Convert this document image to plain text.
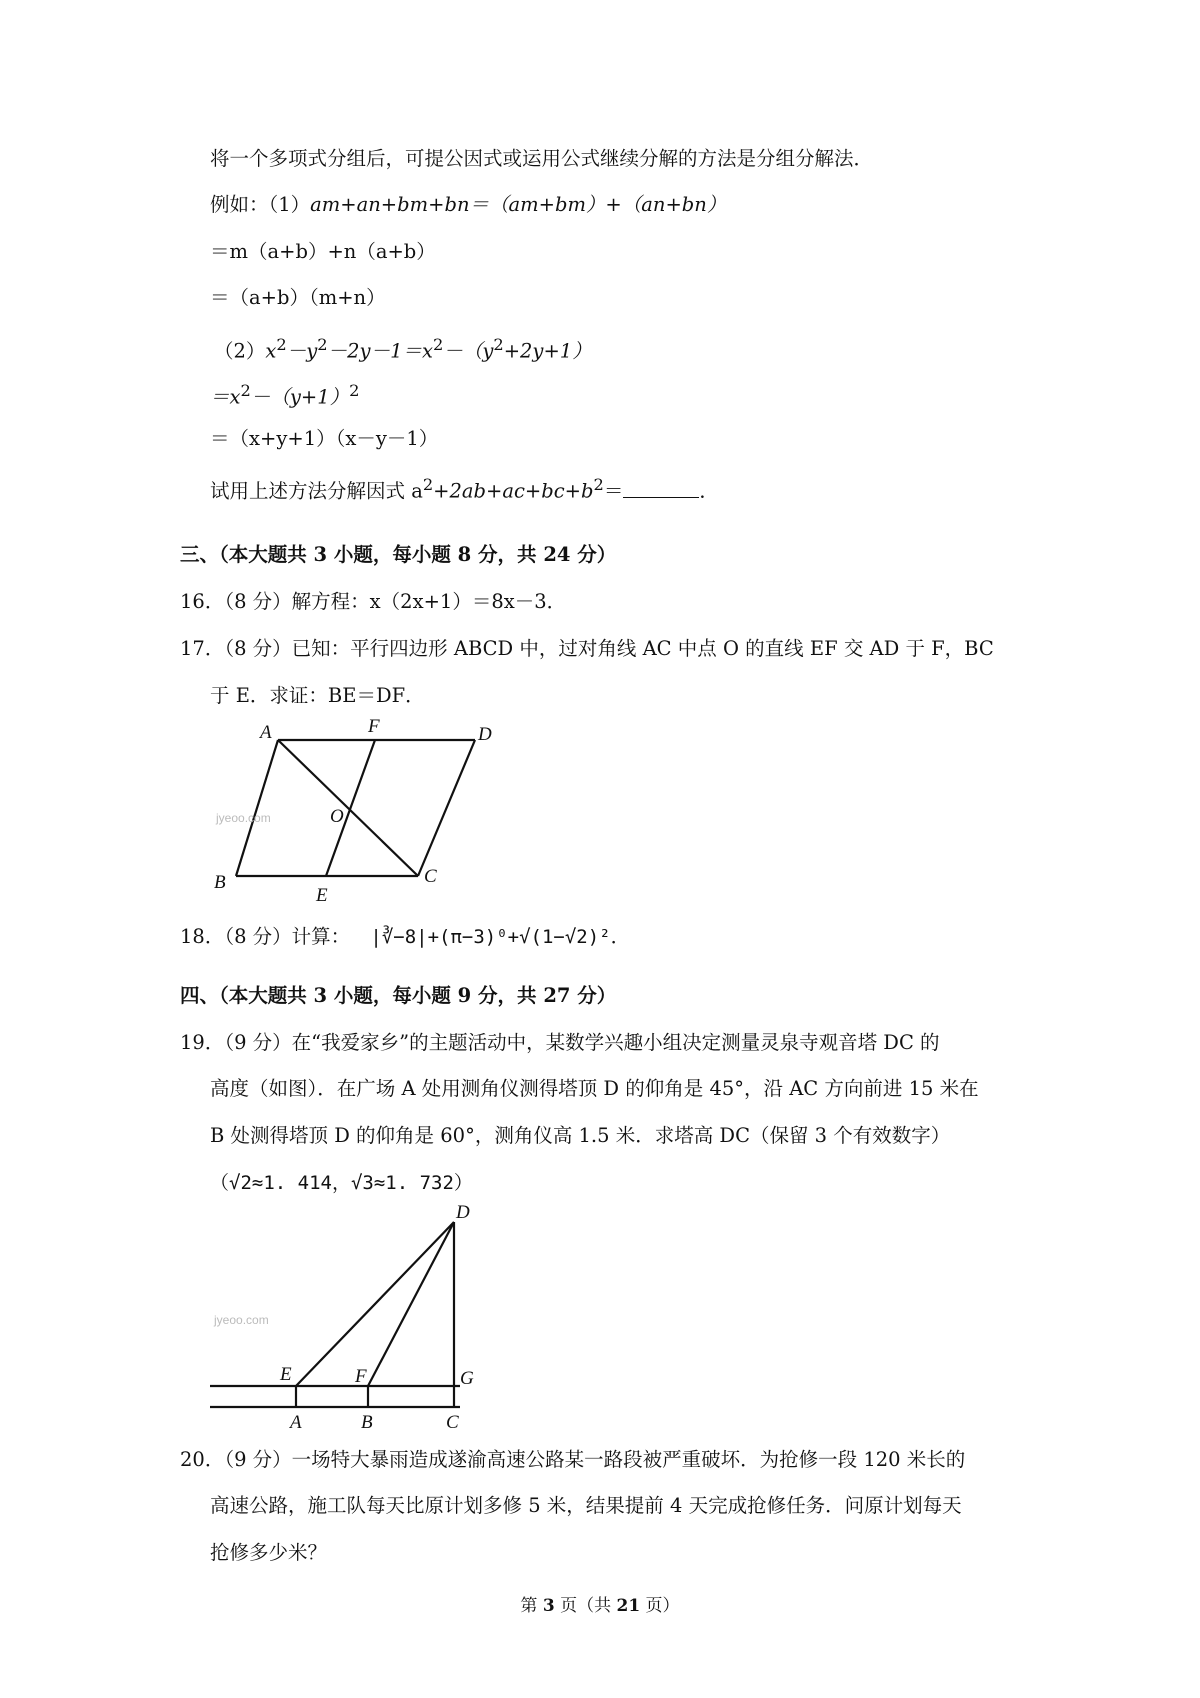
将一个多项式分组后，可提公因式或运用公式继续分解的方法是分组分解法．
例如：（1）am+an+bm+bn＝（am+bm）+（an+bn）
＝m（a+b）+n（a+b）
＝（a+b）（m+n）
$(2)x^2-y^2-2y-1=x^2-(y^2+2y+1)$
$=x^2-(y+1)^2$
＝（x+y+1）（x－y－1）
试用上述方法分解因式 $a^2+2ab+ac+bc+b^2=$	．
三、（本大题共 3 小题，每小题 8 分，共 24 分）
16．（8 分）解方程：x（2x+1）＝8x－3．
17．（8 分）已知：平行四边形 ABCD 中，过对角线 AC 中点 O 的直线 EF 交 AD 于 F，BC
于 E．求证：BE＝DF．
jyeoo.com
A	F	D
O
B
E
C
18．（8 分）计算： |∛−8|+(π−3)⁰+√(1−√2)²．
四、（本大题共 3 小题，每小题 9 分，共 27 分）
19．（9 分）在“我爱家乡”的主题活动中，某数学兴趣小组决定测量灵泉寺观音塔 DC 的
高度（如图）．在广场 A 处用测角仪测得塔顶 D 的仰角是 45°，沿 AC 方向前进 15 米在
B 处测得塔顶 D 的仰角是 60°，测角仪高 1.5 米．求塔高 DC（保留 3 个有效数字）
（√2≈1. 414，√3≈1. 732）
jyeoo.com
D
E	F	G
A	B	C
20．（9 分）一场特大暴雨造成遂渝高速公路某一路段被严重破坏．为抢修一段 120 米长的
高速公路，施工队每天比原计划多修 5 米，结果提前 4 天完成抢修任务．问原计划每天
抢修多少米？
第 3 页（共 21 页）
